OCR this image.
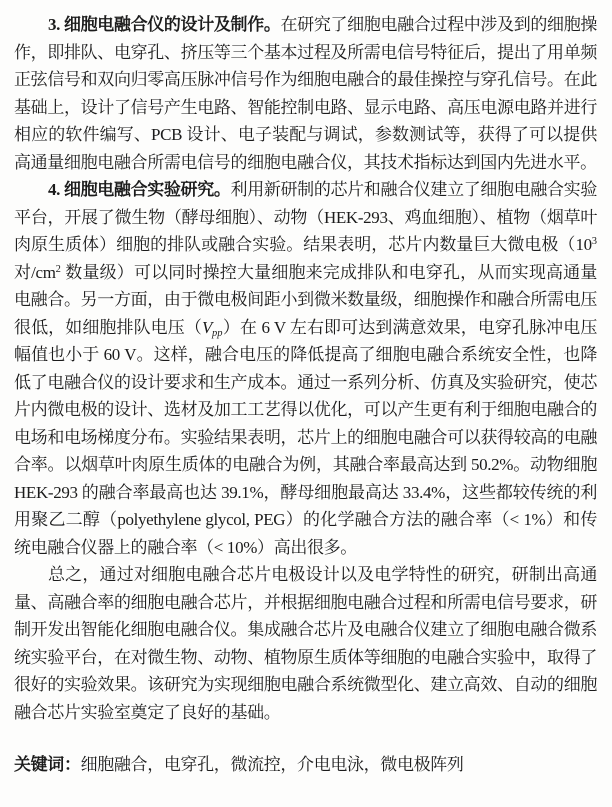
3. 细胞电融合仪的设计及制作。在研究了细胞电融合过程中涉及到的细胞操作，即排队、电穿孔、挤压等三个基本过程及所需电信号特征后，提出了用单频正弦信号和双向归零高压脉冲信号作为细胞电融合的最佳操控与穿孔信号。在此基础上，设计了信号产生电路、智能控制电路、显示电路、高压电源电路并进行相应的软件编写、PCB 设计、电子装配与调试，参数测试等，获得了可以提供高通量细胞电融合所需电信号的细胞电融合仪，其技术指标达到国内先进水平。

4. 细胞电融合实验研究。利用新研制的芯片和融合仪建立了细胞电融合实验平台，开展了微生物（酵母细胞）、动物（HEK-293、鸡血细胞）、植物（烟草叶肉原生质体）细胞的排队或融合实验。结果表明，芯片内数量巨大微电极（$10^3$ 对$/cm^2$ 数量级）可以同时操控大量细胞来完成排队和电穿孔，从而实现高通量电融合。另一方面，由于微电极间距小到微米数量级，细胞操作和融合所需电压很低，如细胞排队电压$(V_{pp})$在 6 V 左右即可达到满意效果，电穿孔脉冲电压幅值也小于 60 V。这样，融合电压的降低提高了细胞电融合系统安全性，也降低了电融合仪的设计要求和生产成本。通过一系列分析、仿真及实验研究，使芯片内微电极的设计、选材及加工工艺得以优化，可以产生更有利于细胞电融合的电场和电场梯度分布。实验结果表明，芯片上的细胞电融合可以获得较高的电融合率。以烟草叶肉原生质体的电融合为例，其融合率最高达到 50.2%。动物细胞 HEK-293 的融合率最高也达 39.1%，酵母细胞最高达 33.4%，这些都较传统的利用聚乙二醇（polyethylene glycol, PEG）的化学融合方法的融合率（< 1%）和传统电融合仪器上的融合率（< 10%）高出很多。

总之，通过对细胞电融合芯片电极设计以及电学特性的研究，研制出高通量、高融合率的细胞电融合芯片，并根据细胞电融合过程和所需电信号要求，研制开发出智能化细胞电融合仪。集成融合芯片及电融合仪建立了细胞电融合微系统实验平台，在对微生物、动物、植物原生质体等细胞的电融合实验中，取得了很好的实验效果。该研究为实现细胞电融合系统微型化、建立高效、自动的细胞融合芯片实验室奠定了良好的基础。

关键词：细胞融合，电穿孔，微流控，介电电泳，微电极阵列
